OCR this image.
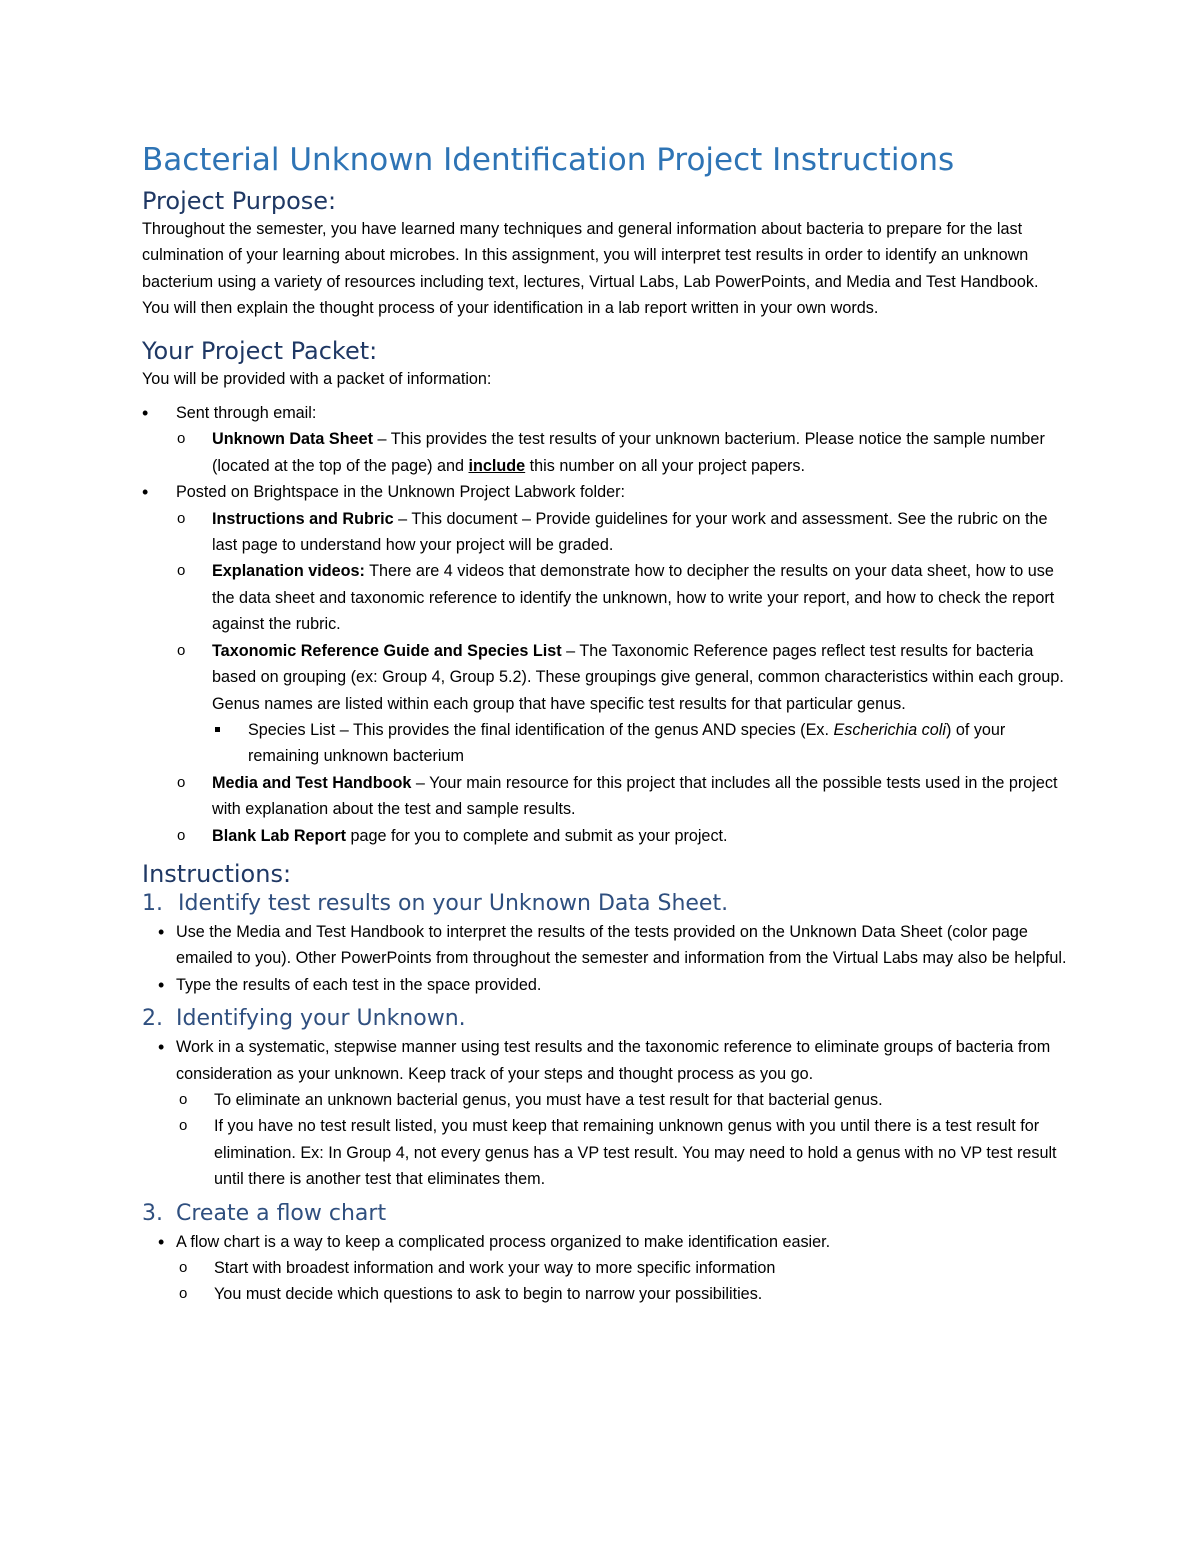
Bacterial Unknown Identification Project Instructions
Project Purpose:

Throughout the semester, you have learned many techniques and general information about bacteria to prepare for the last culmination of your learning about microbes. In this assignment, you will interpret test results in order to identify an unknown bacterium using a variety of resources including text, lectures, Virtual Labs, Lab PowerPoints, and Media and Test Handbook. You will then explain the thought process of your identification in a lab report written in your own words.

Your Project Packet:

You will be provided with a packet of information:

• Sent through email:
o Unknown Data Sheet – This provides the test results of your unknown bacterium. Please notice the sample number (located at the top of the page) and include this number on all your project papers.
• Posted on Brightspace in the Unknown Project Labwork folder:
o Instructions and Rubric – This document – Provide guidelines for your work and assessment. See the rubric on the last page to understand how your project will be graded.
o Explanation videos: There are 4 videos that demonstrate how to decipher the results on your data sheet, how to use the data sheet and taxonomic reference to identify the unknown, how to write your report, and how to check the report against the rubric.
o Taxonomic Reference Guide and Species List – The Taxonomic Reference pages reflect test results for bacteria based on grouping (ex: Group 4, Group 5.2). These groupings give general, common characteristics within each group. Genus names are listed within each group that have specific test results for that particular genus.
Species List – This provides the final identification of the genus AND species (Ex. Escherichia coli) of your remaining unknown bacterium
o Media and Test Handbook – Your main resource for this project that includes all the possible tests used in the project with explanation about the test and sample results.
o Blank Lab Report page for you to complete and submit as your project.
Instructions:
1. Identify test results on your Unknown Data Sheet.
• Use the Media and Test Handbook to interpret the results of the tests provided on the Unknown Data Sheet (color page emailed to you). Other PowerPoints from throughout the semester and information from the Virtual Labs may also be helpful.
• Type the results of each test in the space provided.
2. Identifying your Unknown.
• Work in a systematic, stepwise manner using test results and the taxonomic reference to eliminate groups of bacteria from consideration as your unknown. Keep track of your steps and thought process as you go.
o To eliminate an unknown bacterial genus, you must have a test result for that bacterial genus.
o If you have no test result listed, you must keep that remaining unknown genus with you until there is a test result for elimination. Ex: In Group 4, not every genus has a VP test result. You may need to hold a genus with no VP test result until there is another test that eliminates them.
3. Create a flow chart
• A flow chart is a way to keep a complicated process organized to make identification easier.
o Start with broadest information and work your way to more specific information
o You must decide which questions to ask to begin to narrow your possibilities.
